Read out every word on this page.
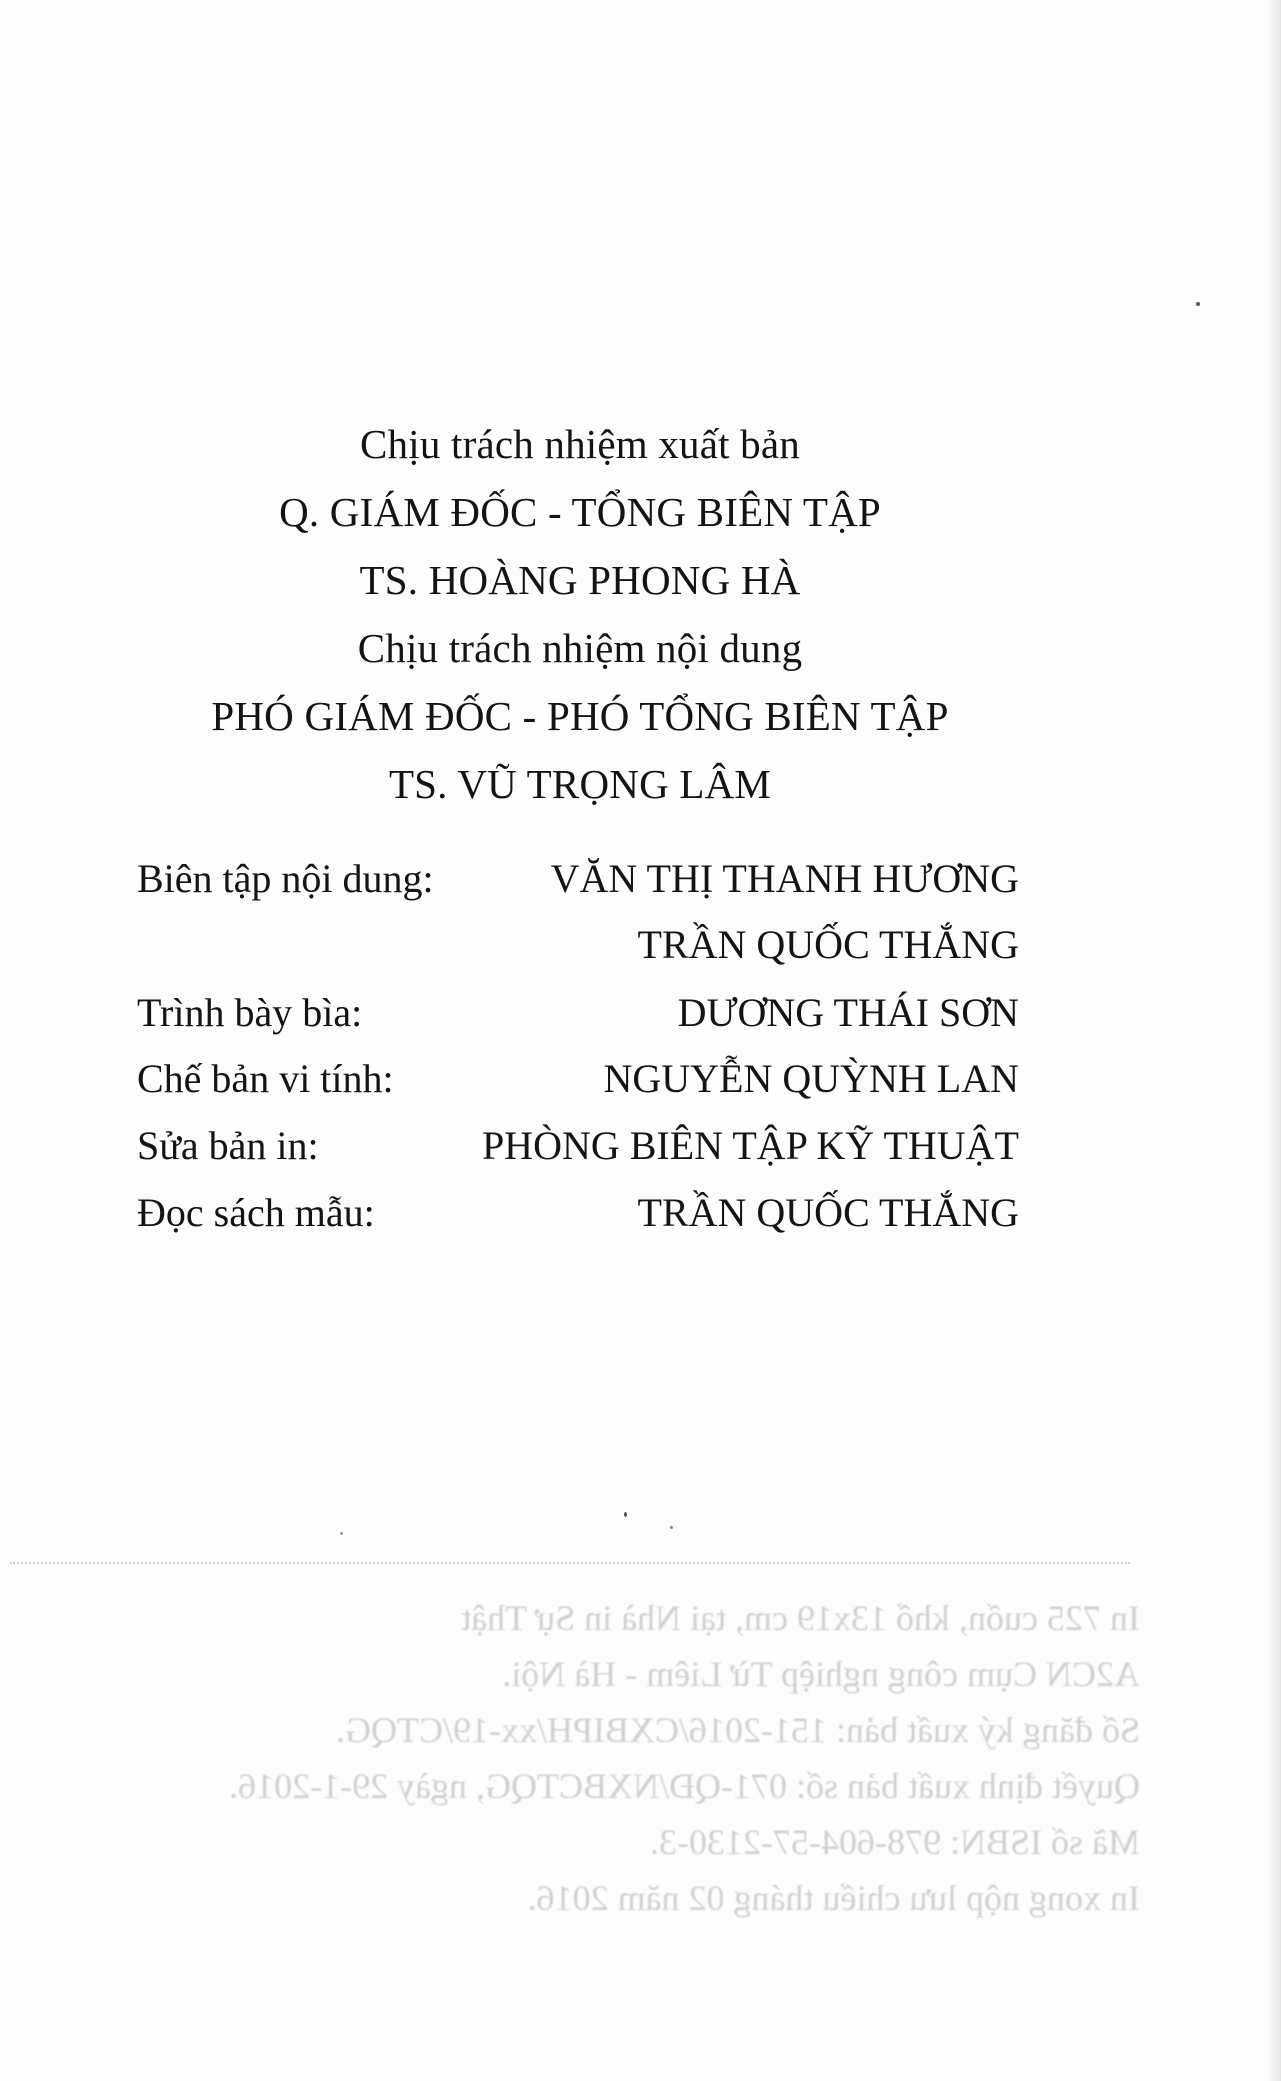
Chịu trách nhiệm xuất bản
Q. GIÁM ĐỐC - TỔNG BIÊN TẬP
TS. HOÀNG PHONG HÀ
Chịu trách nhiệm nội dung
PHÓ GIÁM ĐỐC - PHÓ TỔNG BIÊN TẬP
TS. VŨ TRỌNG LÂM
Biên tập nội dung:	VĂN THỊ THANH HƯƠNG
TRẦN QUỐC THẮNG
Trình bày bìa:	DƯƠNG THÁI SƠN
Chế bản vi tính:	NGUYỄN QUỲNH LAN
Sửa bản in:	PHÒNG BIÊN TẬP KỸ THUẬT
Đọc sách mẫu:	TRẦN QUỐC THẮNG
In 725 cuốn, khổ 13x19 cm, tại Nhà in Sự Thật
A2CN Cụm công nghiệp Từ Liêm - Hà Nội.
Số đăng ký xuất bản: 151-2016/CXBIPH/xx-19/CTQG.
Quyết định xuất bản số: 071-QĐ/NXBCTQG, ngày 29-1-2016.
Mã số ISBN: 978-604-57-2130-3.
In xong nộp lưu chiểu tháng 02 năm 2016.
